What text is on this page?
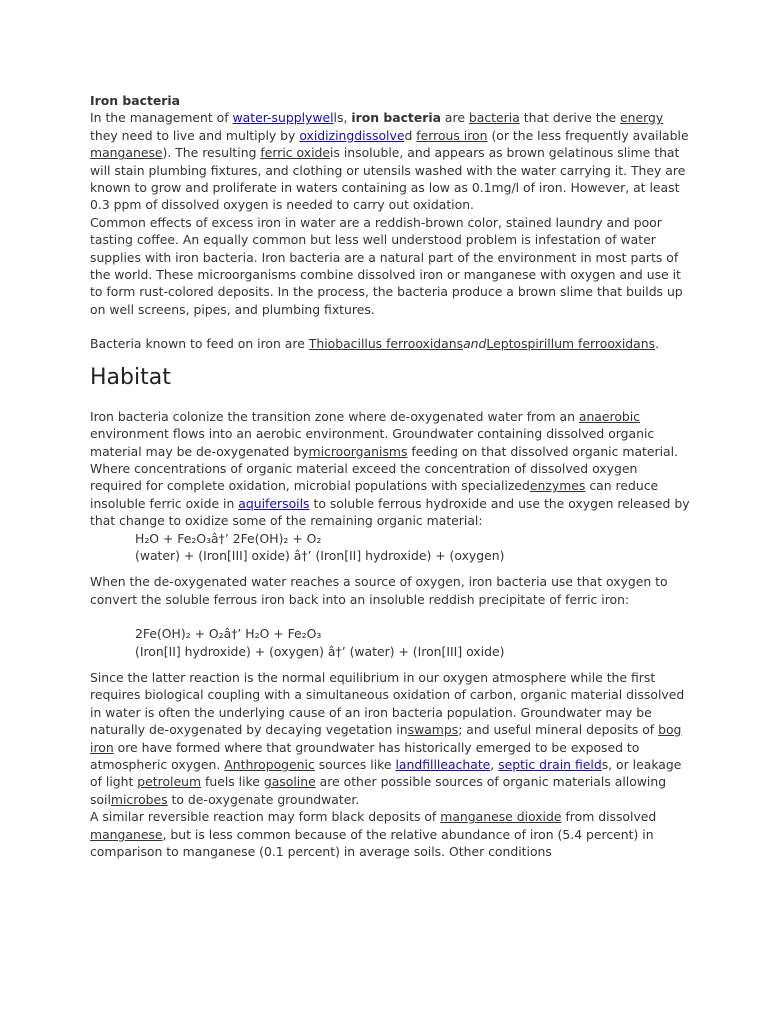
Iron bacteria

In the management of water-supplywells, iron bacteria are bacteria that derive the energy they need to live and multiply by oxidizingdissolved ferrous iron (or the less frequently available manganese). The resulting ferric oxideis insoluble, and appears as brown gelatinous slime that will stain plumbing fixtures, and clothing or utensils washed with the water carrying it. They are known to grow and proliferate in waters containing as low as 0.1mg/l of iron. However, at least 0.3 ppm of dissolved oxygen is needed to carry out oxidation.

Common effects of excess iron in water are a reddish-brown color, stained laundry and poor tasting coffee. An equally common but less well understood problem is infestation of water supplies with iron bacteria. Iron bacteria are a natural part of the environment in most parts of the world. These microorganisms combine dissolved iron or manganese with oxygen and use it to form rust-colored deposits. In the process, the bacteria produce a brown slime that builds up on well screens, pipes, and plumbing fixtures.

Bacteria known to feed on iron are Thiobacillus ferrooxidansandLeptospirillum ferrooxidans.

Habitat

Iron bacteria colonize the transition zone where de-oxygenated water from an anaerobic environment flows into an aerobic environment. Groundwater containing dissolved organic material may be de-oxygenated bymicroorganisms feeding on that dissolved organic material. Where concentrations of organic material exceed the concentration of dissolved oxygen required for complete oxidation, microbial populations with specializedenzymes can reduce insoluble ferric oxide in aquifersoils to soluble ferrous hydroxide and use the oxygen released by that change to oxidize some of the remaining organic material:

H₂O + Fe₂O₃â†’ 2Fe(OH)₂ + O₂

(water) + (Iron[III] oxide) â†’ (Iron[II] hydroxide) + (oxygen)

When the de-oxygenated water reaches a source of oxygen, iron bacteria use that oxygen to convert the soluble ferrous iron back into an insoluble reddish precipitate of ferric iron:

2Fe(OH)₂ + O₂â†’ H₂O + Fe₂O₃

(Iron[II] hydroxide) + (oxygen) â†’ (water) + (Iron[III] oxide)

Since the latter reaction is the normal equilibrium in our oxygen atmosphere while the first requires biological coupling with a simultaneous oxidation of carbon, organic material dissolved in water is often the underlying cause of an iron bacteria population. Groundwater may be naturally de-oxygenated by decaying vegetation inswamps; and useful mineral deposits of bog iron ore have formed where that groundwater has historically emerged to be exposed to atmospheric oxygen. Anthropogenic sources like landfillleachate, septic drain fields, or leakage of light petroleum fuels like gasoline are other possible sources of organic materials allowing soilmicrobes to de-oxygenate groundwater.

A similar reversible reaction may form black deposits of manganese dioxide from dissolved manganese, but is less common because of the relative abundance of iron (5.4 percent) in comparison to manganese (0.1 percent) in average soils. Other conditions
